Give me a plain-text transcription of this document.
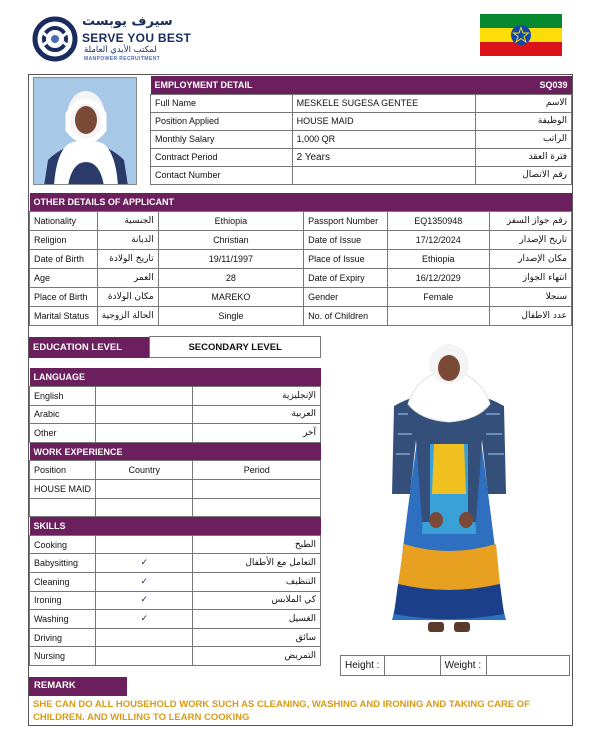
سيرف يوبست
SERVE YOU BEST
لمكتب الأيدي العاملة
MANPOWER RECRUITMENT
EMPLOYMENT DETAIL		SQ039
Full Name	MESKELE SUGESA GENTEE	الاسم
Position Applied	HOUSE MAID	الوظيفة
Monthly Salary	1,000 QR	الراتب
Contract Period	2 Years	فترة العقد
Contact Number		رقم الاتصال
OTHER DETAILS OF APPLICANT					
Nationality	الجنسية	Ethiopia	Passport Number	EQ1350948	رقم جواز السفر
Religion	الديانة	Christian	Date of Issue	17/12/2024	تاريخ الإصدار
Date of Birth	تاريخ الولادة	19/11/1997	Place of Issue	Ethiopia	مكان الإصدار
Age	العمر	28	Date of Expiry	16/12/2029	انتهاء الجواز
Place of Birth	مكان الولادة	MAREKO	Gender	Female	سنجلا
Marital Status	الحالة الزوجية	Single	No. of Children		عدد الاطفال
EDUCATION LEVEL	SECONDARY LEVEL
LANGUAGE		
English		الإنجليزية
Arabic		العربية
Other		آخر
WORK EXPERIENCE		
Position	Country	Period
HOUSE MAID		

SKILLS		
Cooking		الطبخ
Babysitting	✓	التعامل مع الأطفال
Cleaning	✓	التنظيف
Ironing	✓	كي الملابس
Washing	✓	الغسيل
Driving		سائق
Nursing		التمريض
Height :		Weight :	
REMARK
SHE CAN DO ALL HOUSEHOLD WORK SUCH AS CLEANING, WASHING AND IRONING AND TAKING CARE OF
CHILDREN. AND WILLING TO LEARN COOKING
